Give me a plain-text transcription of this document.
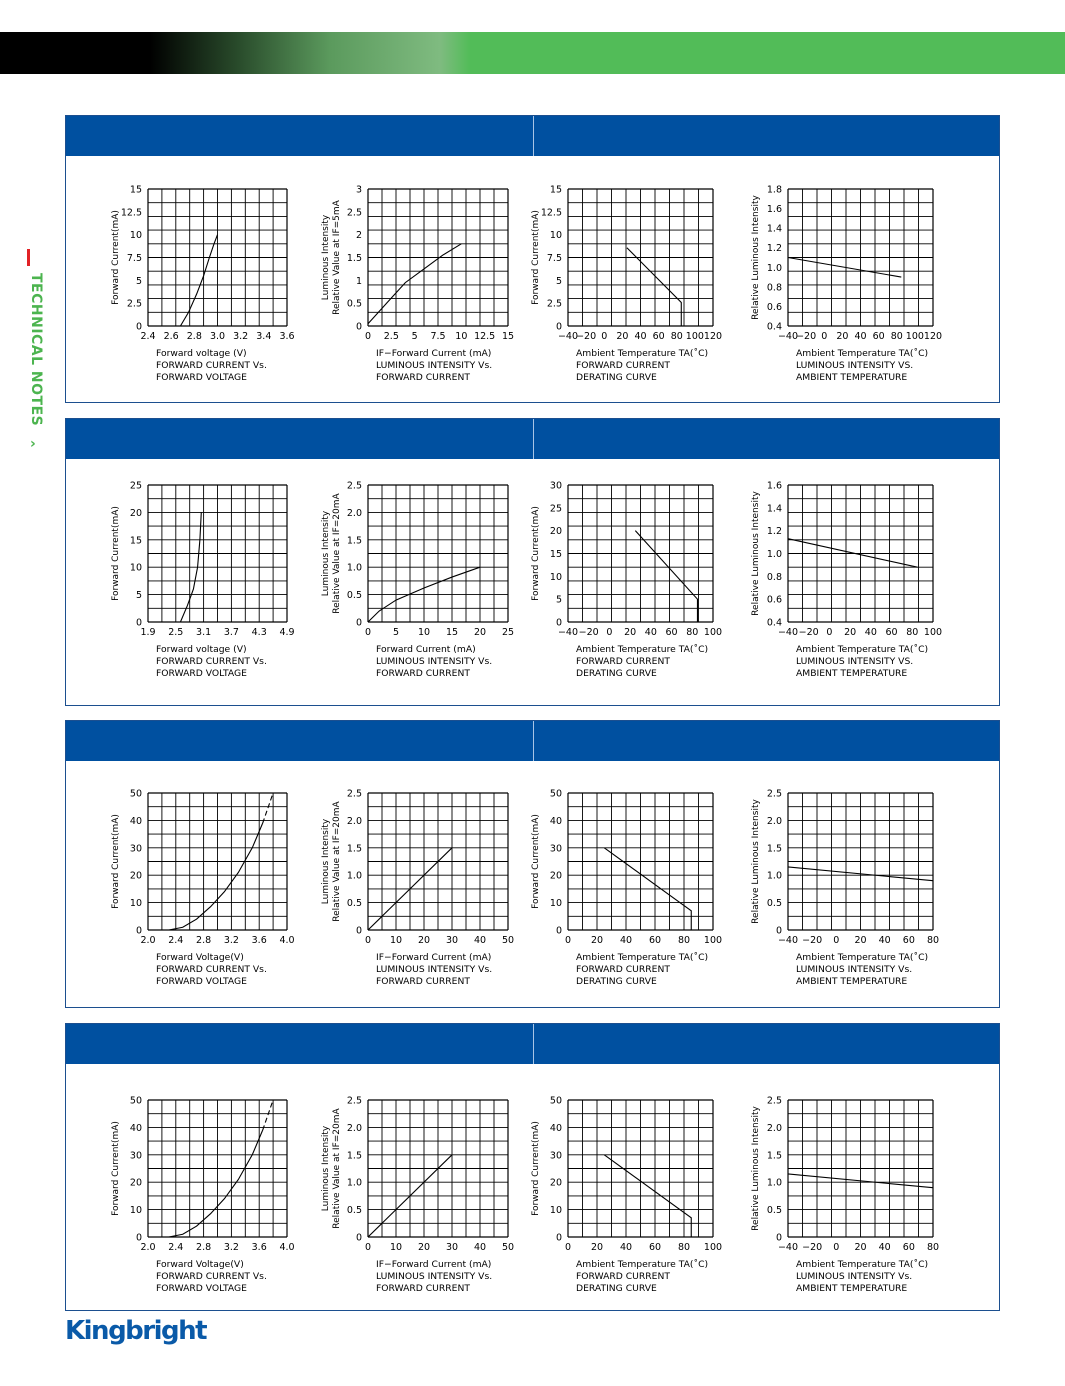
TECHNICAL NOTES
›
2.4 2.6 2.8 3.0 3.2 3.4 3.6
0
2.5
5
7.5
10
12.5
15
Forward Current(mA)
Forward voltage (V)
FORWARD CURRENT Vs.
FORWARD VOLTAGE
0 2.5 5 7.5 10 12.5 15
0
0.5
1
1.5
2
2.5
3
Luminous Intensity Relative Value at IF=5mA
IF−Forward Current (mA)
LUMINOUS INTENSITY Vs.
FORWARD CURRENT
−40
−20 0 20 40 60 80 100 120
0
2.5
5
7.5
10
12.5
15
Forward Current(mA)
Ambient Temperature TA(˚C)
FORWARD CURRENT
DERATING CURVE
−40
−20 0 20 40 60 80 100 120
0.4
0.6
0.8
1.0
1.2
1.4
1.6
1.8
Relative Luminous Intensity
Ambient Temperature TA(˚C)
LUMINOUS INTENSITY VS.
AMBIENT TEMPERATURE
1.9 2.5 3.1 3.7 4.3 4.9
0
5
10
15
20
25
Forward Current(mA)
Forward voltage (V)
FORWARD CURRENT Vs.
FORWARD VOLTAGE
0 5 10 15 20 25
0
0.5
1.0
1.5
2.0
2.5
Luminous Intensity Relative Value at IF=20mA
Forward Current (mA)
LUMINOUS INTENSITY Vs.
FORWARD CURRENT
−40 −20 0 20 40 60 80 100
0
5
10
15
20
25
30
Forward Current(mA)
Ambient Temperature TA(˚C)
FORWARD CURRENT
DERATING CURVE
−40 −20 0 20 40 60 80 100
0.4
0.6
0.8
1.0
1.2
1.4
1.6
Relative Luminous Intensity
Ambient Temperature TA(˚C)
LUMINOUS INTENSITY VS.
AMBIENT TEMPERATURE
2.0 2.4 2.8 3.2 3.6 4.0
0
10
20
30
40
50
Forward Current(mA)
Forward Voltage(V)
FORWARD CURRENT Vs.
FORWARD VOLTAGE
0 10 20 30 40 50
0
0.5
1.0
1.5
2.0
2.5
Luminous Intensity Relative Value at IF=20mA
IF−Forward Current (mA)
LUMINOUS INTENSITY Vs.
FORWARD CURRENT
0 20 40 60 80 100
0
10
20
30
40
50
Forward Current(mA)
Ambient Temperature TA(˚C)
FORWARD CURRENT
DERATING CURVE
−40 −20 0 20 40 60 80
0
0.5
1.0
1.5
2.0
2.5
Relative Luminous Intensity
Ambient Temperature TA(˚C)
LUMINOUS INTENSITY Vs.
AMBIENT TEMPERATURE
2.0 2.4 2.8 3.2 3.6 4.0
0
10
20
30
40
50
Forward Current(mA)
Forward Voltage(V)
FORWARD CURRENT Vs.
FORWARD VOLTAGE
0 10 20 30 40 50
0
0.5
1.0
1.5
2.0
2.5
Luminous Intensity Relative Value at IF=20mA
IF−Forward Current (mA)
LUMINOUS INTENSITY Vs.
FORWARD CURRENT
0 20 40 60 80 100
0
10
20
30
40
50
Forward Current(mA)
Ambient Temperature TA(˚C)
FORWARD CURRENT
DERATING CURVE
−40 −20 0 20 40 60 80
0
0.5
1.0
1.5
2.0
2.5
Relative Luminous Intensity
Ambient Temperature TA(˚C)
LUMINOUS INTENSITY Vs.
AMBIENT TEMPERATURE
Kingbright
